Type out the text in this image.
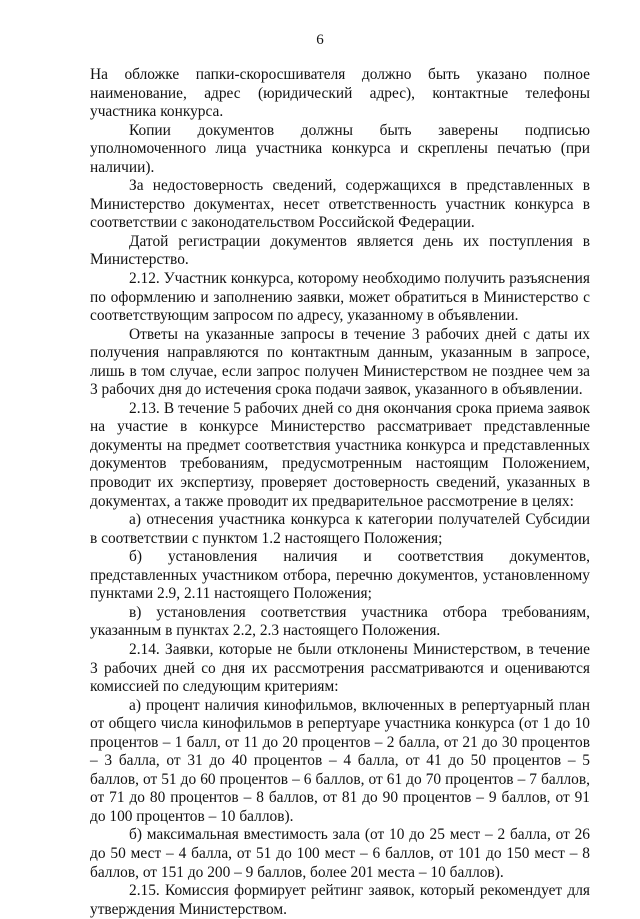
6

На обложке папки-скоросшивателя должно быть указано полное наименование, адрес (юридический адрес), контактные телефоны участника конкурса.

Копии документов должны быть заверены подписью уполномоченного лица участника конкурса и скреплены печатью (при наличии).

За недостоверность сведений, содержащихся в представленных в Министерство документах, несет ответственность участник конкурса в соответствии с законодательством Российской Федерации.

Датой регистрации документов является день их поступления в Министерство.

2.12. Участник конкурса, которому необходимо получить разъяснения по оформлению и заполнению заявки, может обратиться в Министерство с соответствующим запросом по адресу, указанному в объявлении.

Ответы на указанные запросы в течение 3 рабочих дней с даты их получения направляются по контактным данным, указанным в запросе, лишь в том случае, если запрос получен Министерством не позднее чем за 3 рабочих дня до истечения срока подачи заявок, указанного в объявлении.

2.13. В течение 5 рабочих дней со дня окончания срока приема заявок на участие в конкурсе Министерство рассматривает представленные документы на предмет соответствия участника конкурса и представленных документов требованиям, предусмотренным настоящим Положением, проводит их экспертизу, проверяет достоверность сведений, указанных в документах, а также проводит их предварительное рассмотрение в целях:

а) отнесения участника конкурса к категории получателей Субсидии в соответствии с пунктом 1.2 настоящего Положения;

б) установления наличия и соответствия документов, представленных участником отбора, перечню документов, установленному пунктами 2.9, 2.11 настоящего Положения;

в) установления соответствия участника отбора требованиям, указанным в пунктах 2.2, 2.3 настоящего Положения.

2.14. Заявки, которые не были отклонены Министерством, в течение 3 рабочих дней со дня их рассмотрения рассматриваются и оцениваются комиссией по следующим критериям:

а) процент наличия кинофильмов, включенных в репертуарный план от общего числа кинофильмов в репертуаре участника конкурса (от 1 до 10 процентов – 1 балл, от 11 до 20 процентов – 2 балла, от 21 до 30 процентов – 3 балла, от 31 до 40 процентов – 4 балла, от 41 до 50 процентов – 5 баллов, от 51 до 60 процентов – 6 баллов, от 61 до 70 процентов – 7 баллов, от 71 до 80 процентов – 8 баллов, от 81 до 90 процентов – 9 баллов, от 91 до 100 процентов – 10 баллов).

б) максимальная вместимость зала (от 10 до 25 мест – 2 балла, от 26 до 50 мест – 4 балла, от 51 до 100 мест – 6 баллов, от 101 до 150 мест – 8 баллов, от 151 до 200 – 9 баллов, более 201 места – 10 баллов).

2.15. Комиссия формирует рейтинг заявок, который рекомендует для утверждения Министерством.
